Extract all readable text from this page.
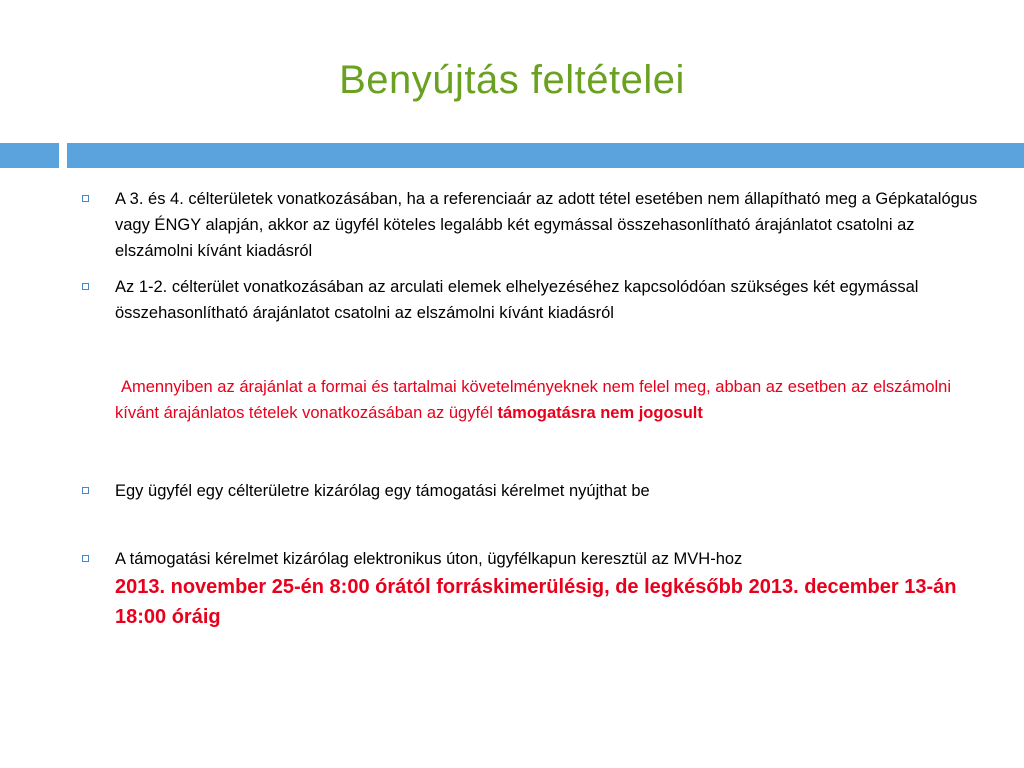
Benyújtás feltételei
A 3. és 4. célterületek vonatkozásában, ha a referenciaár az adott tétel esetében nem állapítható meg a Gépkatalógus vagy ÉNGY alapján, akkor az ügyfél köteles legalább két egymással összehasonlítható árajánlatot csatolni az elszámolni kívánt kiadásról
Az 1-2. célterület vonatkozásában az arculati elemek elhelyezéséhez kapcsolódóan szükséges két egymással összehasonlítható árajánlatot csatolni az elszámolni kívánt kiadásról
Amennyiben az árajánlat a formai és tartalmai követelményeknek nem felel meg, abban az esetben az elszámolni kívánt árajánlatos tételek vonatkozásában az ügyfél támogatásra nem jogosult
Egy ügyfél egy célterületre kizárólag egy támogatási kérelmet nyújthat be
A támogatási kérelmet kizárólag elektronikus úton, ügyfélkapun keresztül az MVH-hoz
2013. november 25-én 8:00 órától forráskimerülésig, de legkésőbb 2013. december 13-án 18:00 óráig
